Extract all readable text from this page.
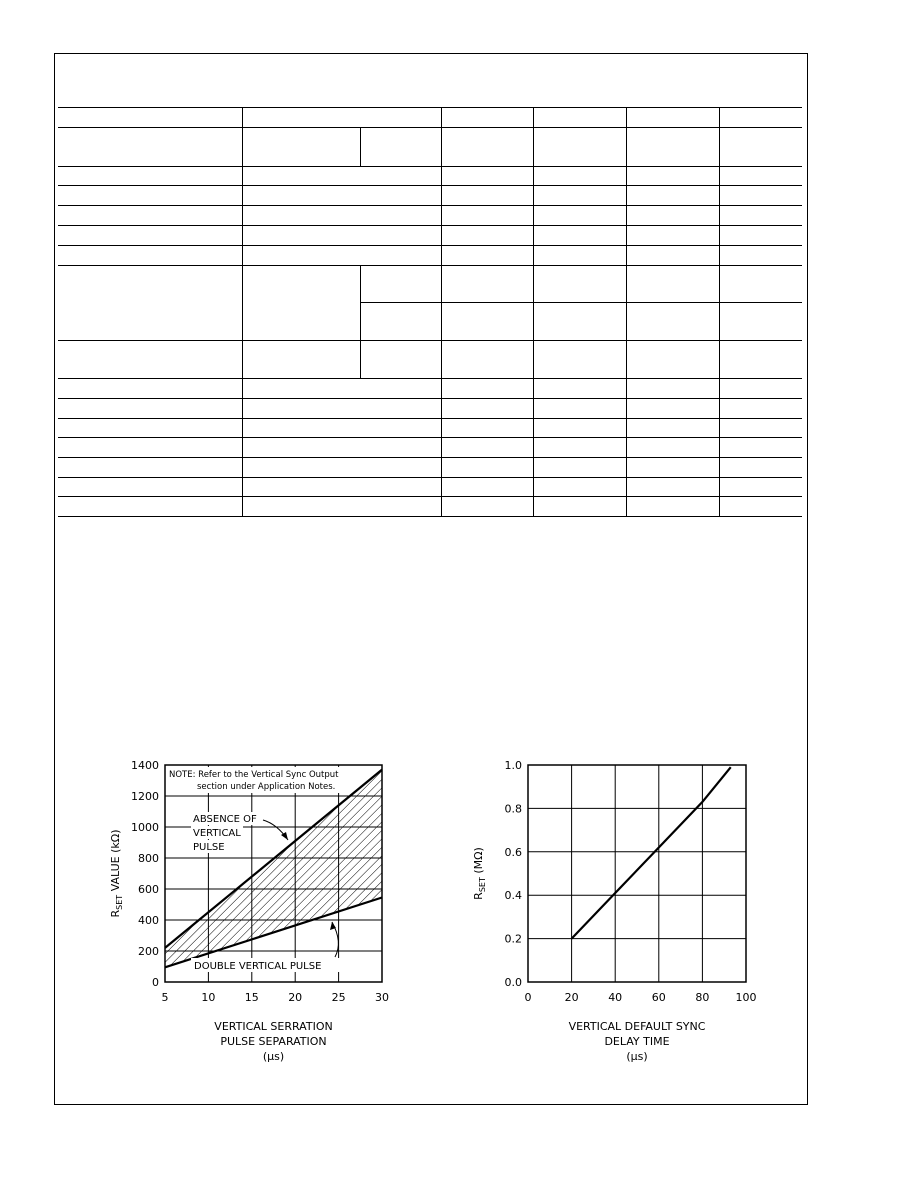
5	10	15	20	25	30
0
200
400
600
800
1000
1200
1400
VERTICAL SERRATION
PULSE SEPARATION
(μs)
$R_{SET}$ VALUE (kΩ)
NOTE: Refer to the Vertical Sync Output
section under Application Notes.
ABSENCE OF
VERTICAL
PULSE
DOUBLE VERTICAL PULSE
0	20	40	60	80 100
0.0
0.2
0.4
0.6
0.8
1.0
VERTICAL DEFAULT SYNC
DELAY TIME
(μs)
$R_{SET}$ (MΩ)
